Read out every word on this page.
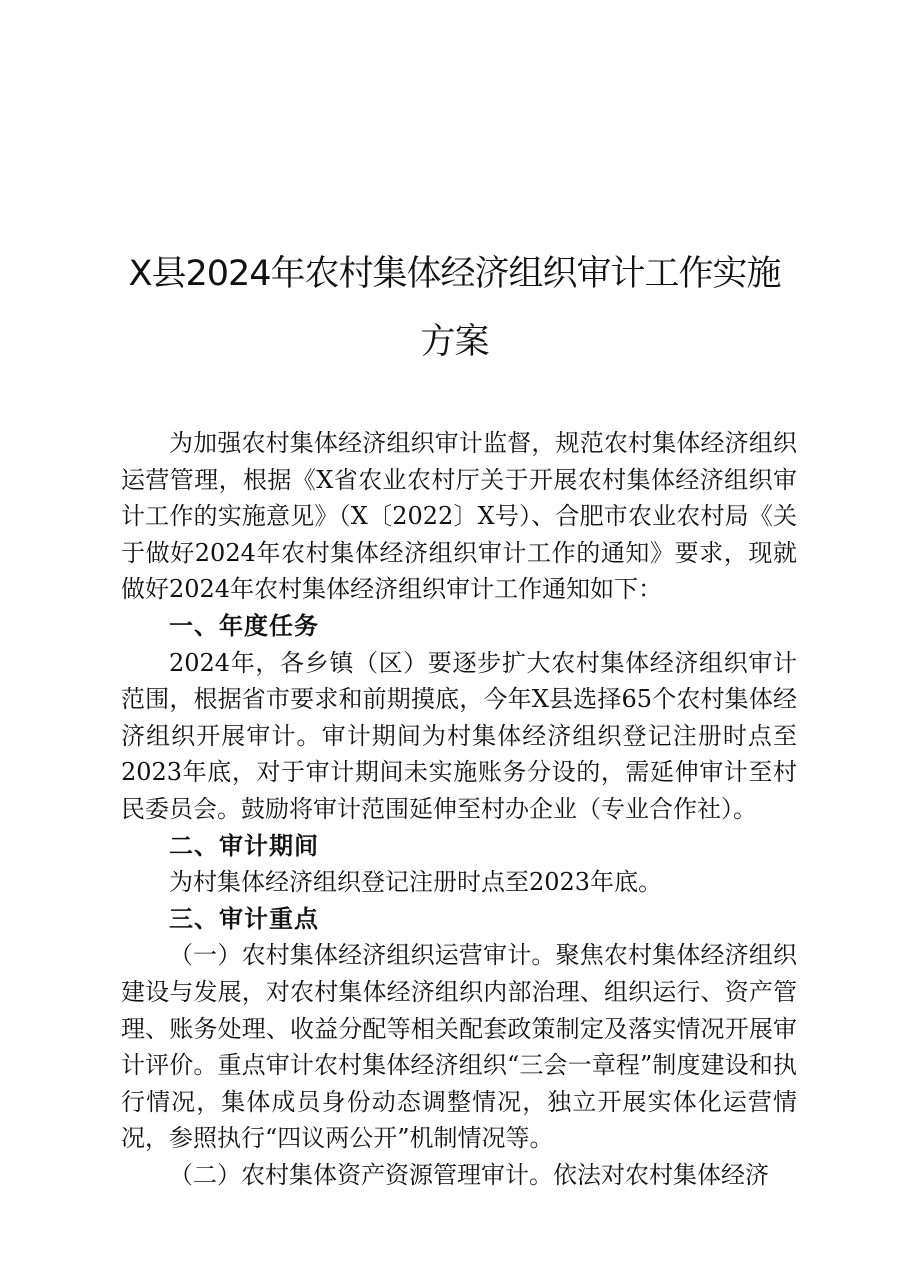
X县2024年农村集体经济组织审计工作实施
方案

为加强农村集体经济组织审计监督，规范农村集体经济组织运营管理，根据《X省农业农村厅关于开展农村集体经济组织审计工作的实施意见》（X〔2022〕X号）、合肥市农业农村局《关于做好2024年农村集体经济组织审计工作的通知》要求，现就做好2024年农村集体经济组织审计工作通知如下：

一、年度任务

2024年，各乡镇（区）要逐步扩大农村集体经济组织审计范围，根据省市要求和前期摸底，今年X县选择65个农村集体经济组织开展审计。审计期间为村集体经济组织登记注册时点至2023年底，对于审计期间未实施账务分设的，需延伸审计至村民委员会。鼓励将审计范围延伸至村办企业（专业合作社）。

二、审计期间

为村集体经济组织登记注册时点至2023年底。

三、审计重点

（一）农村集体经济组织运营审计。聚焦农村集体经济组织建设与发展，对农村集体经济组织内部治理、组织运行、资产管理、账务处理、收益分配等相关配套政策制定及落实情况开展审计评价。重点审计农村集体经济组织“三会一章程”制度建设和执行情况，集体成员身份动态调整情况，独立开展实体化运营情况，参照执行“四议两公开”机制情况等。

（二）农村集体资产资源管理审计。依法对农村集体经济
